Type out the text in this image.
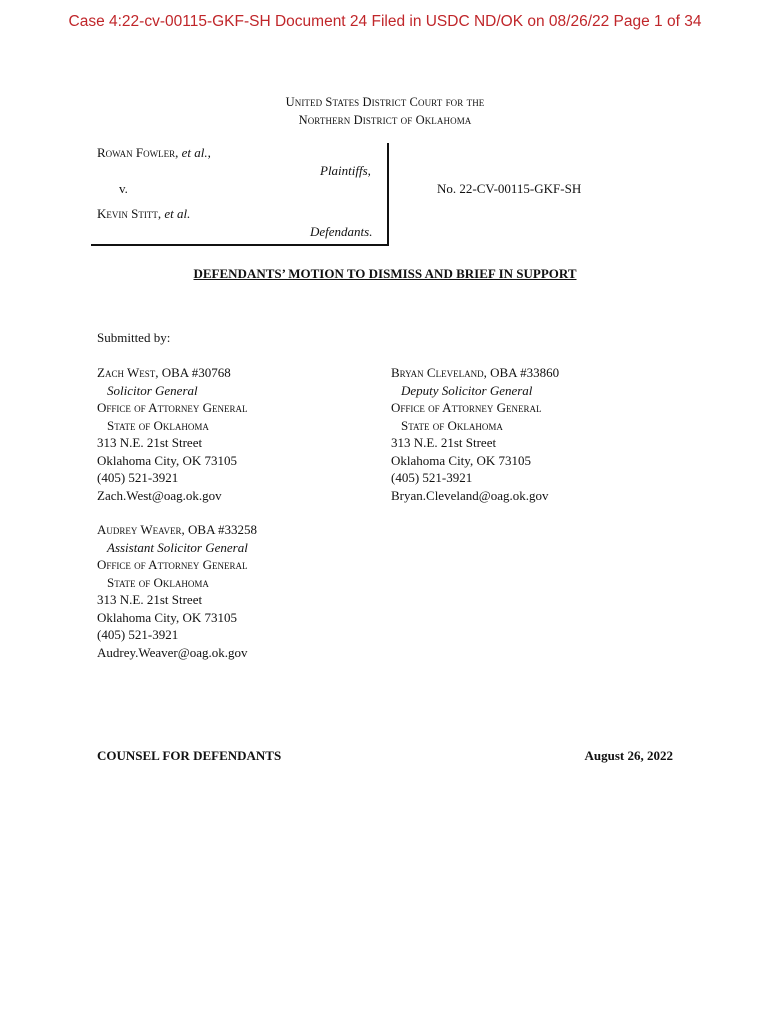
Case 4:22-cv-00115-GKF-SH Document 24 Filed in USDC ND/OK on 08/26/22 Page 1 of 34
United States District Court for the
Northern District of Oklahoma
Rowan Fowler, et al.,
Plaintiffs,
v.	No. 22-CV-00115-GKF-SH
Kevin Stitt, et al.
Defendants.
DEFENDANTS’ MOTION TO DISMISS AND BRIEF IN SUPPORT
Submitted by:
Zach West, OBA #30768
Solicitor General
Office of Attorney General
State of Oklahoma
313 N.E. 21st Street
Oklahoma City, OK 73105
(405) 521-3921
Zach.West@oag.ok.gov
Bryan Cleveland, OBA #33860
Deputy Solicitor General
Office of Attorney General
State of Oklahoma
313 N.E. 21st Street
Oklahoma City, OK 73105
(405) 521-3921
Bryan.Cleveland@oag.ok.gov
Audrey Weaver, OBA #33258
Assistant Solicitor General
Office of Attorney General
State of Oklahoma
313 N.E. 21st Street
Oklahoma City, OK 73105
(405) 521-3921
Audrey.Weaver@oag.ok.gov
COUNSEL FOR DEFENDANTS	August 26, 2022
